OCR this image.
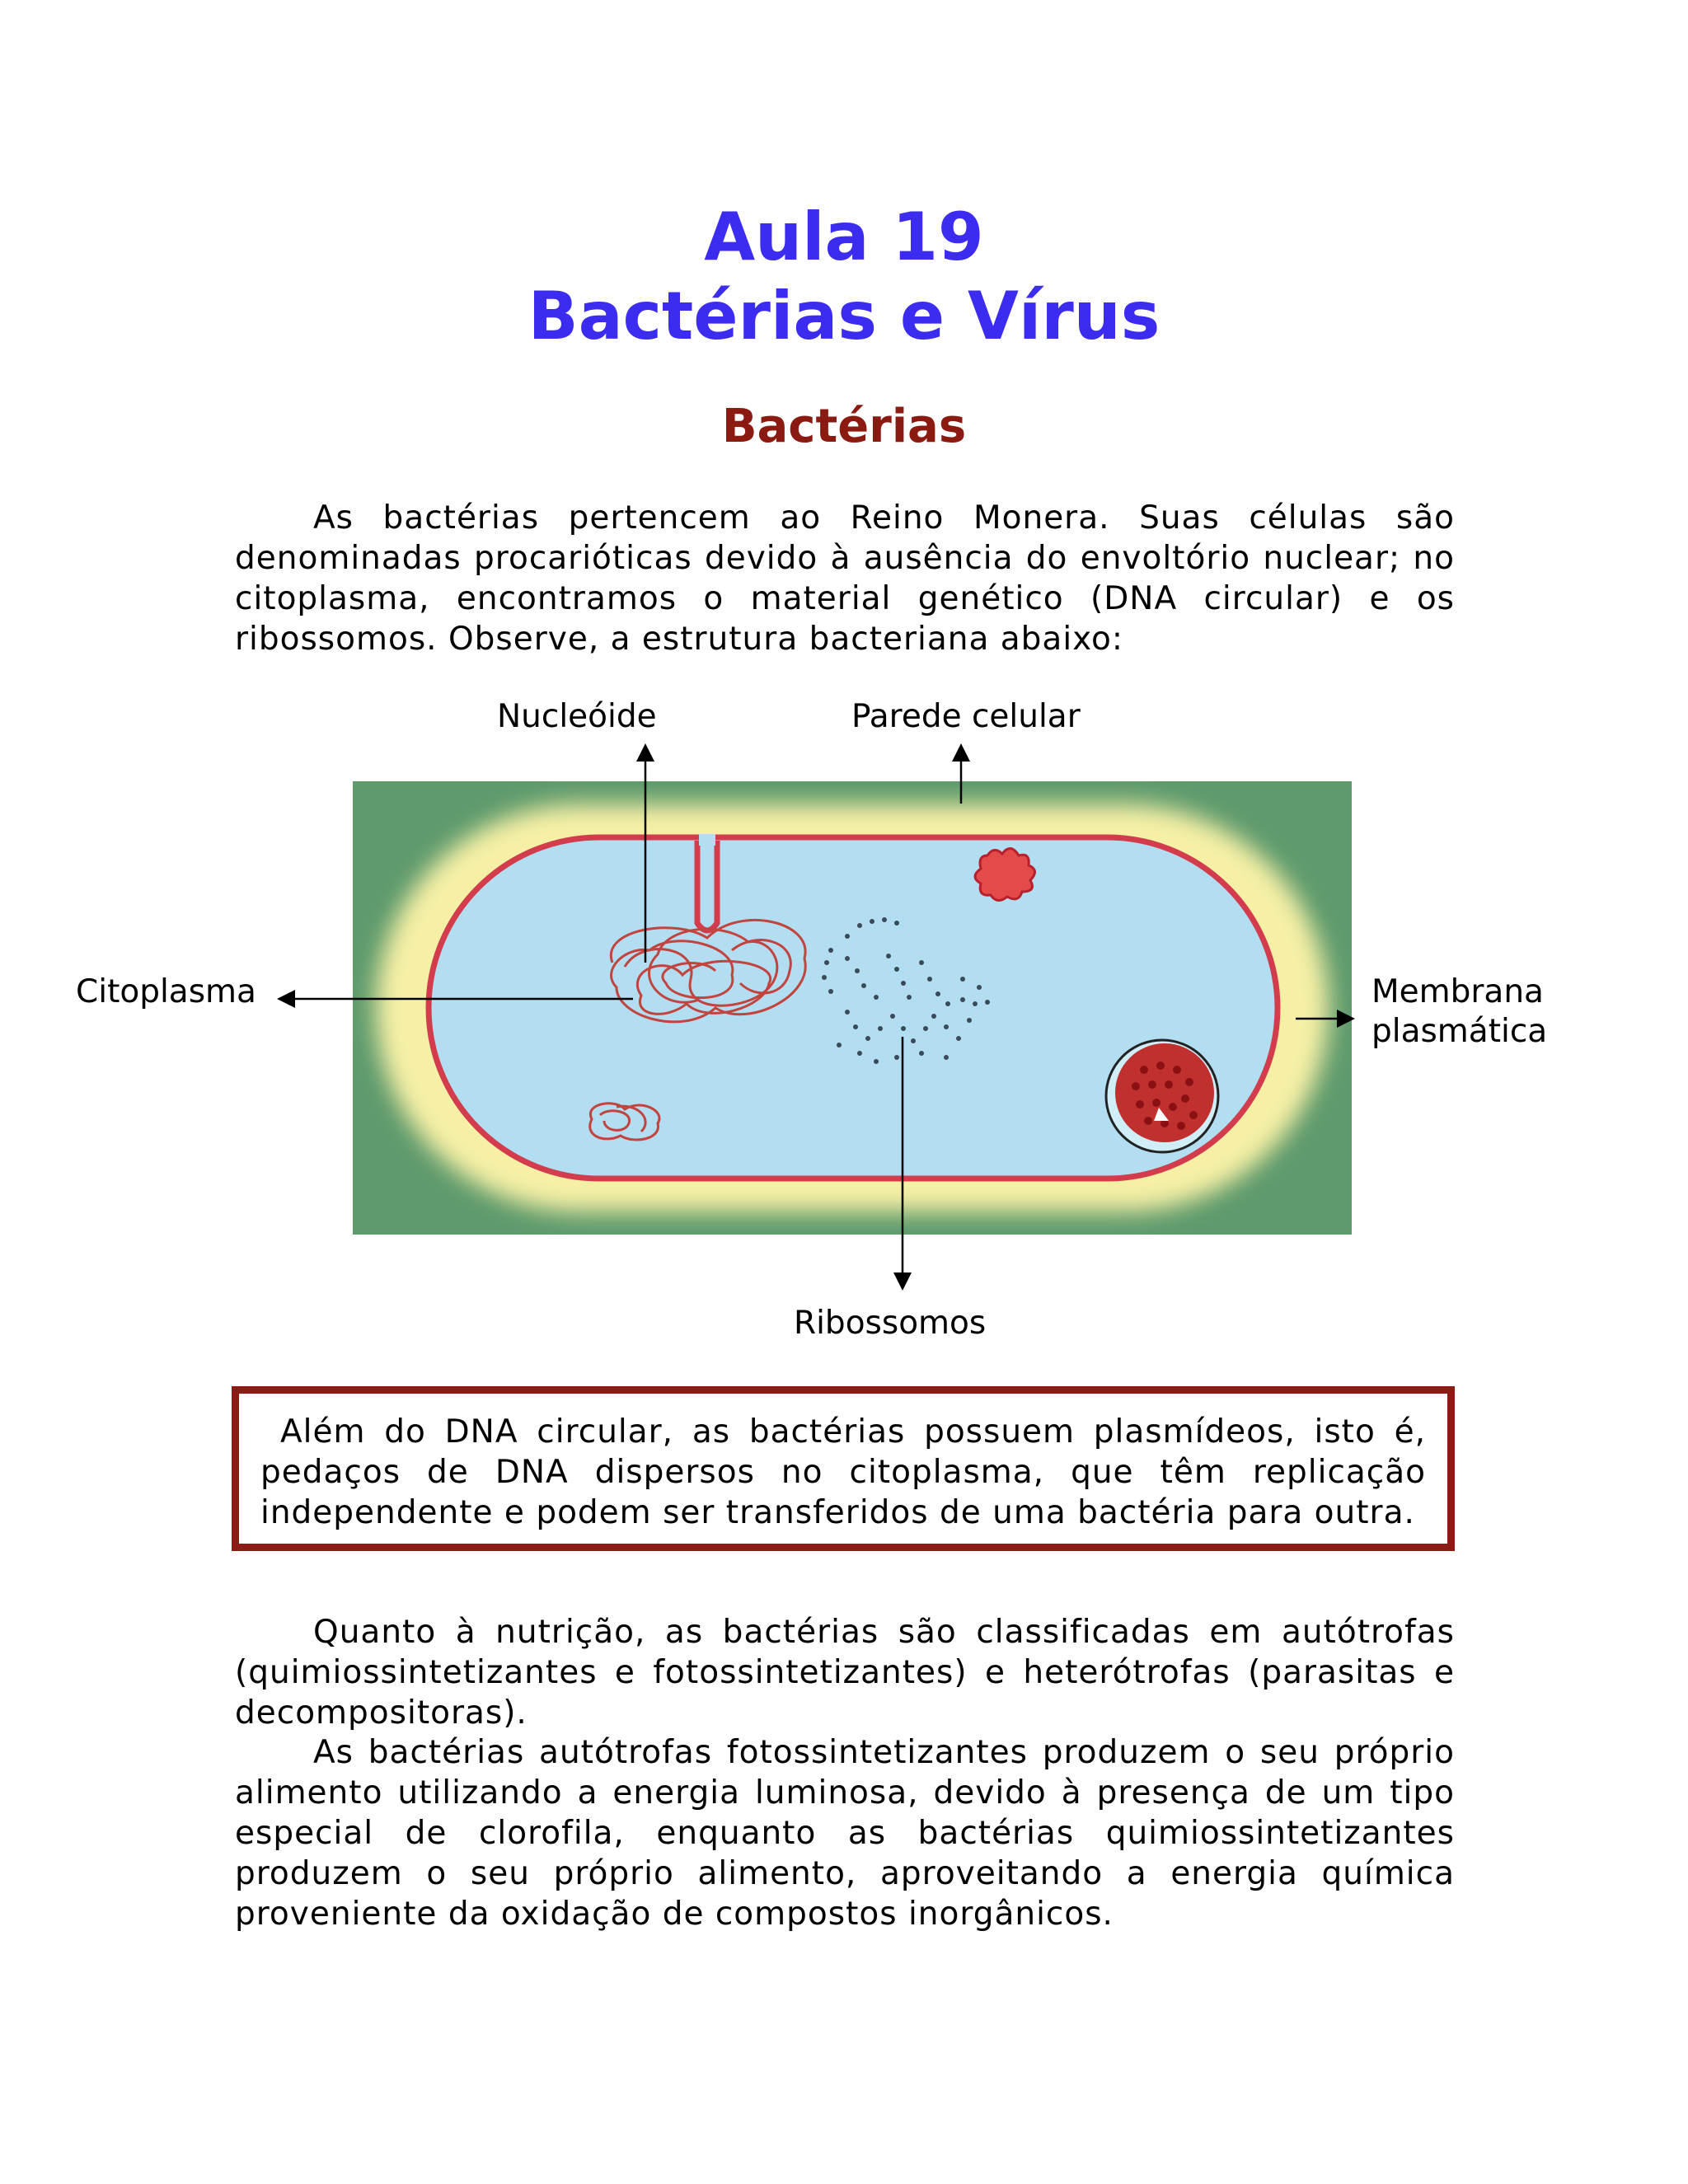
Aula 19
Bactérias e Vírus
Bactérias

As bactérias pertencem ao Reino Monera. Suas células são denominadas procarióticas devido à ausência do envoltório nuclear; no citoplasma, encontramos o material genético (DNA circular) e os ribossomos. Observe, a estrutura bacteriana abaixo:

Nucleóide	Parede celular
Citoplasma	Membrana
plasmática
Ribossomos

Além do DNA circular, as bactérias possuem plasmídeos, isto é, pedaços de DNA dispersos no citoplasma, que têm replicação independente e podem ser transferidos de uma bactéria para outra.

Quanto à nutrição, as bactérias são classificadas em autótrofas (quimiossintetizantes e fotossintetizantes) e heterótrofas (parasitas e decompositoras).

As bactérias autótrofas fotossintetizantes produzem o seu próprio alimento utilizando a energia luminosa, devido à presença de um tipo especial de clorofila, enquanto as bactérias quimiossintetizantes produzem o seu próprio alimento, aproveitando a energia química proveniente da oxidação de compostos inorgânicos.
